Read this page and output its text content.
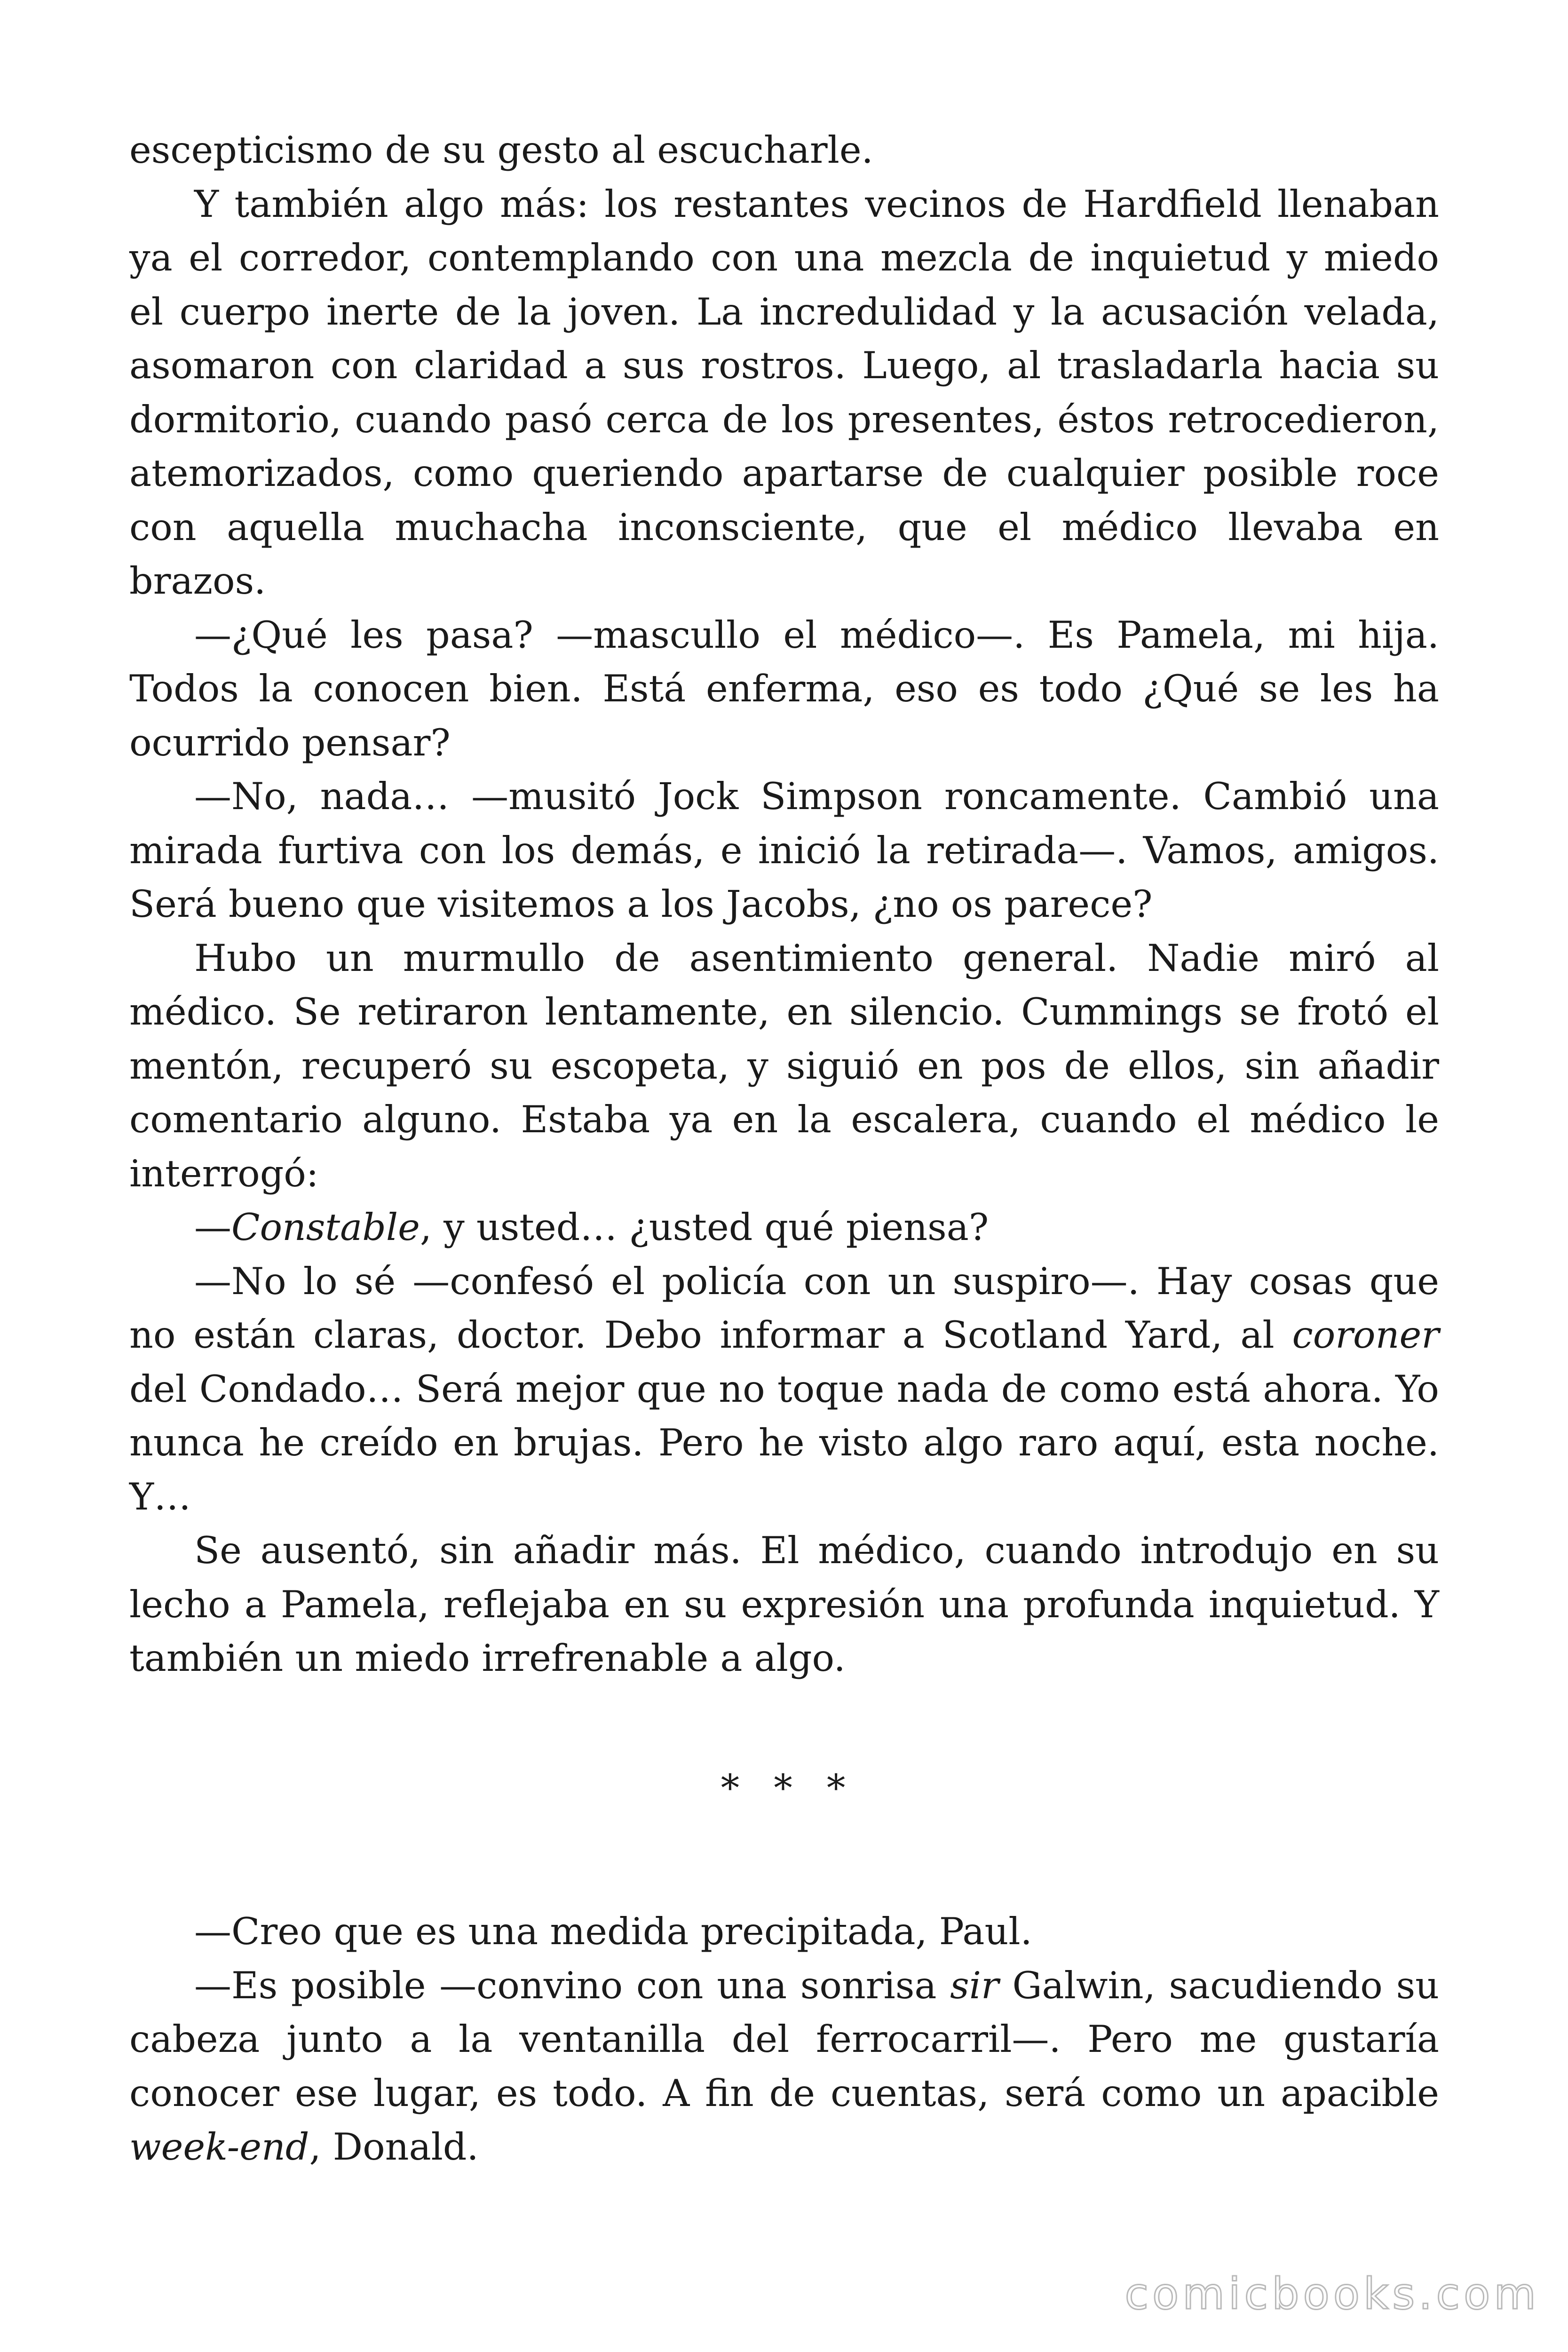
escepticismo de su gesto al escucharle.

Y también algo más: los restantes vecinos de Hardfield llenaban ya el corredor, contemplando con una mezcla de inquietud y miedo el cuerpo inerte de la joven. La incredulidad y la acusación velada, asomaron con claridad a sus rostros. Luego, al trasladarla hacia su dormitorio, cuando pasó cerca de los presentes, éstos retrocedieron, atemorizados, como queriendo apartarse de cualquier posible roce con aquella muchacha inconsciente, que el médico llevaba en brazos.

—¿Qué les pasa? —mascullo el médico—. Es Pamela, mi hija. Todos la conocen bien. Está enferma, eso es todo ¿Qué se les ha ocurrido pensar?

—No, nada… —musitó Jock Simpson roncamente. Cambió una mirada furtiva con los demás, e inició la retirada—. Vamos, amigos. Será bueno que visitemos a los Jacobs, ¿no os parece?

Hubo un murmullo de asentimiento general. Nadie miró al médico. Se retiraron lentamente, en silencio. Cummings se frotó el mentón, recuperó su escopeta, y siguió en pos de ellos, sin añadir comentario alguno. Estaba ya en la escalera, cuando el médico le interrogó:

—Constable, y usted… ¿usted qué piensa?

—No lo sé —confesó el policía con un suspiro—. Hay cosas que no están claras, doctor. Debo informar a Scotland Yard, al coroner del Condado… Será mejor que no toque nada de como está ahora. Yo nunca he creído en brujas. Pero he visto algo raro aquí, esta noche. Y…

Se ausentó, sin añadir más. El médico, cuando introdujo en su lecho a Pamela, reflejaba en su expresión una profunda inquietud. Y también un miedo irrefrenable a algo.

* * *

—Creo que es una medida precipitada, Paul.

—Es posible —convino con una sonrisa sir Galwin, sacudiendo su cabeza junto a la ventanilla del ferrocarril—. Pero me gustaría conocer ese lugar, es todo. A fin de cuentas, será como un apacible week-end, Donald.

comicbooks.com
